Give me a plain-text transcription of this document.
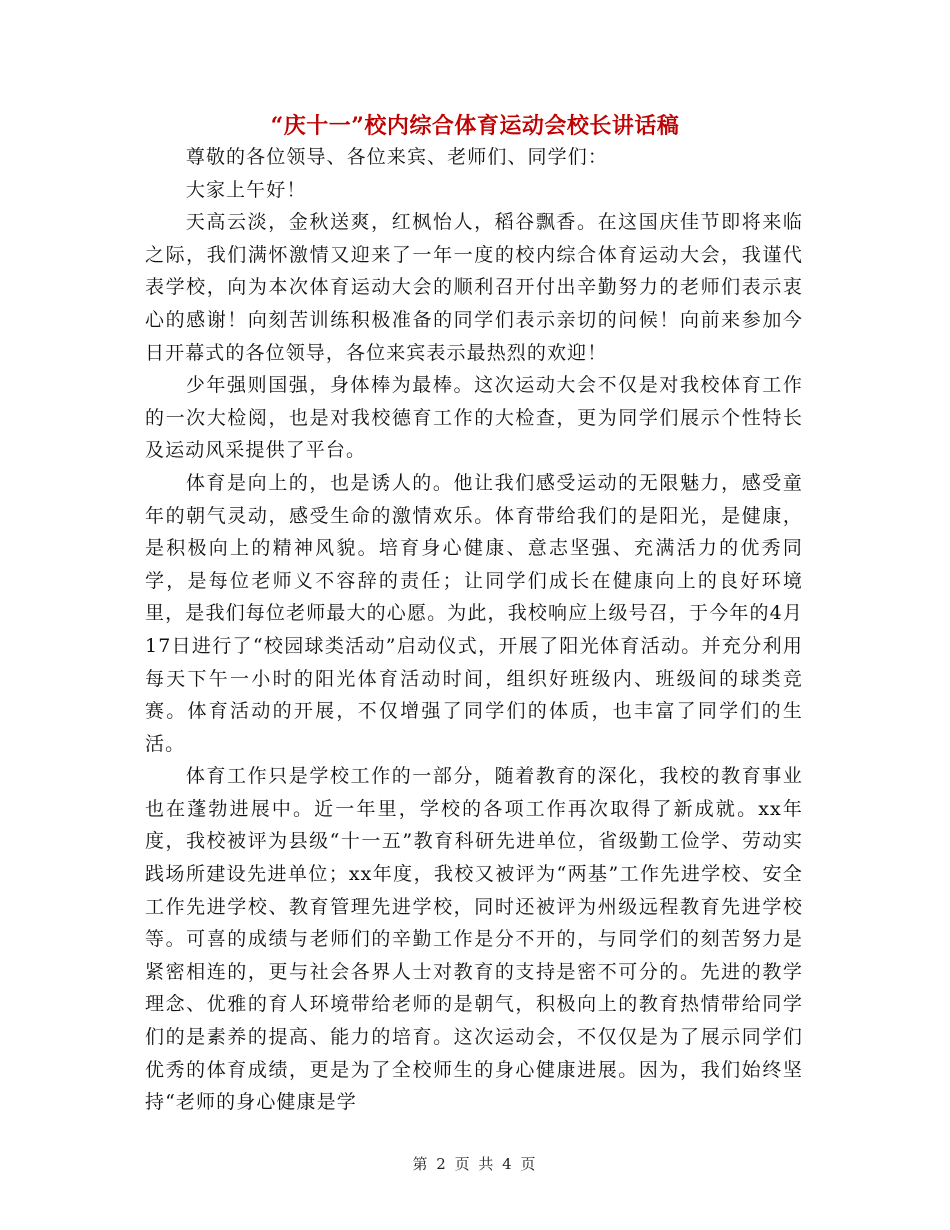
“庆十一”校内综合体育运动会校长讲话稿

尊敬的各位领导、各位来宾、老师们、同学们：

大家上午好！

天高云淡，金秋送爽，红枫怡人，稻谷飘香。在这国庆佳节即将来临之际，我们满怀激情又迎来了一年一度的校内综合体育运动大会，我谨代表学校，向为本次体育运动大会的顺利召开付出辛勤努力的老师们表示衷心的感谢！向刻苦训练积极准备的同学们表示亲切的问候！向前来参加今日开幕式的各位领导，各位来宾表示最热烈的欢迎！

少年强则国强，身体棒为最棒。这次运动大会不仅是对我校体育工作的一次大检阅，也是对我校德育工作的大检查，更为同学们展示个性特长及运动风采提供了平台。

体育是向上的，也是诱人的。他让我们感受运动的无限魅力，感受童年的朝气灵动，感受生命的激情欢乐。体育带给我们的是阳光，是健康，是积极向上的精神风貌。培育身心健康、意志坚强、充满活力的优秀同学，是每位老师义不容辞的责任；让同学们成长在健康向上的良好环境里，是我们每位老师最大的心愿。为此，我校响应上级号召，于今年的4月17日进行了“校园球类活动”启动仪式，开展了阳光体育活动。并充分利用每天下午一小时的阳光体育活动时间，组织好班级内、班级间的球类竞赛。体育活动的开展，不仅增强了同学们的体质，也丰富了同学们的生活。

体育工作只是学校工作的一部分，随着教育的深化，我校的教育事业也在蓬勃进展中。近一年里，学校的各项工作再次取得了新成就。xx年度，我校被评为县级“十一五”教育科研先进单位，省级勤工俭学、劳动实践场所建设先进单位；xx年度，我校又被评为“两基”工作先进学校、安全工作先进学校、教育管理先进学校，同时还被评为州级远程教育先进学校等。可喜的成绩与老师们的辛勤工作是分不开的，与同学们的刻苦努力是紧密相连的，更与社会各界人士对教育的支持是密不可分的。先进的教学理念、优雅的育人环境带给老师的是朝气，积极向上的教育热情带给同学们的是素养的提高、能力的培育。这次运动会，不仅仅是为了展示同学们优秀的体育成绩，更是为了全校师生的身心健康进展。因为，我们始终坚持“老师的身心健康是学

第 2 页 共 4 页
